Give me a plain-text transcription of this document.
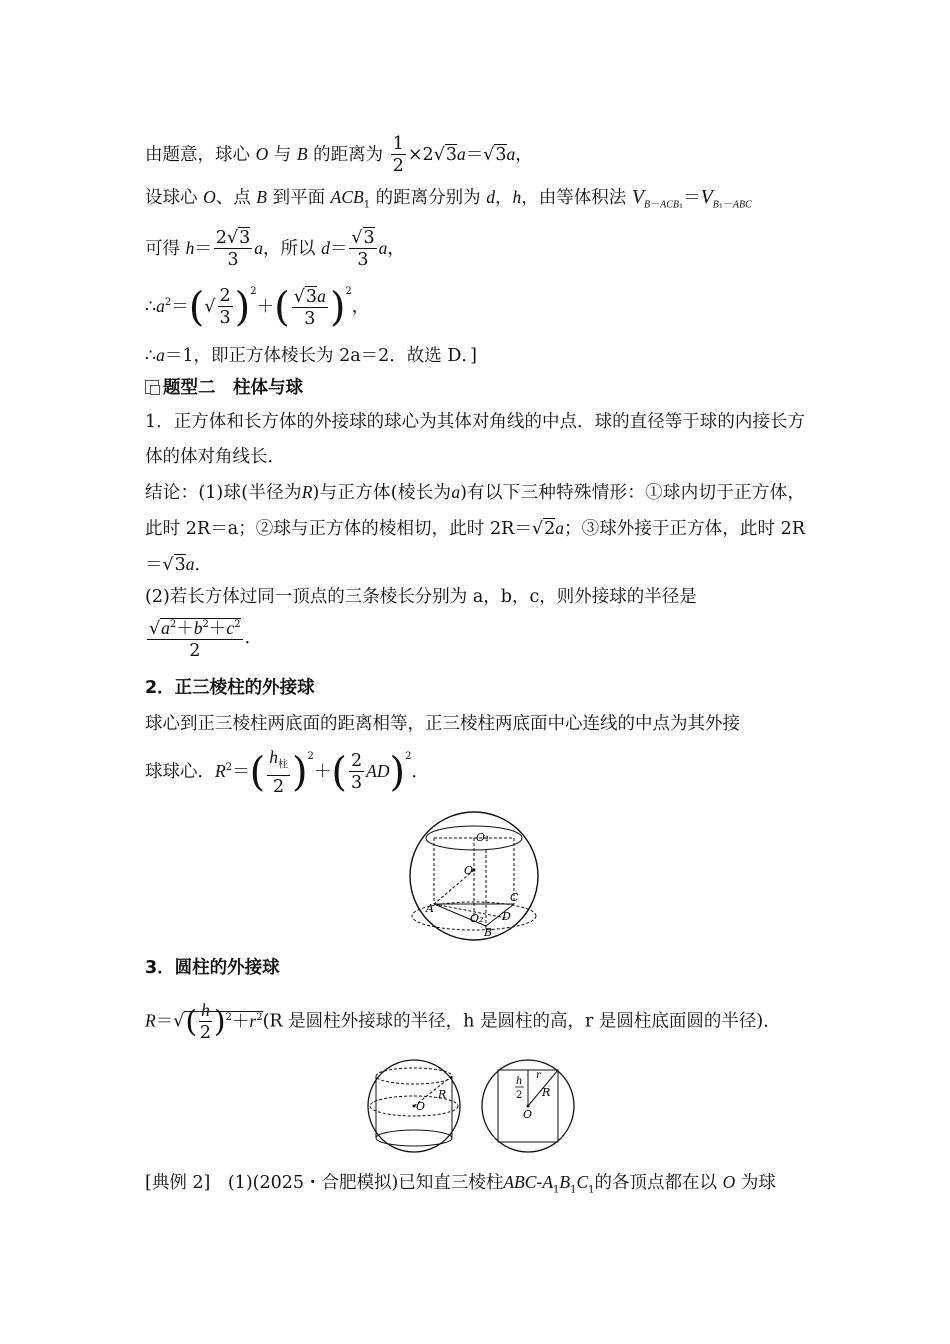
由题意，球心 O 与 B 的距离为 $\frac{1}{2} \times 2√3a=√3a$，
设球心 O、点 B 到平面 $ACB_1$ 的距离分别为 d，h，由等体积法 $V_{B-ACB_1}=V_{B_1-ABC}$
可得 $h= \frac{2√3}{3}$ a，所以 $d= \frac{√3}{3}$ a，
$\therefore a^2=(√ \frac{2}{3} )^2+( \frac{√3a}{3} )^2$，
∴a＝1，即正方体棱长为 2a＝2．故选 D．]
题型二　柱体与球
1．正方体和长方体的外接球的球心为其体对角线的中点．球的直径等于球的内接长方体的体对角线长．
结论：(1)球(半径为R)与正方体(棱长为a)有以下三种特殊情形：①球内切于正方体，此时 2R＝a；②球与正方体的棱相切，此时 2R＝√2a；③球外接于正方体，此时 2R＝√3a．
(2)若长方体过同一顶点的三条棱长分别为 a，b，c，则外接球的半径是
$\frac{√a^2+b^2+c^2}{2}$ ．
2．正三棱柱的外接球
球心到正三棱柱两底面的距离相等，正三棱柱两底面中心连线的中点为其外接
球球心．$R^2=( \frac{h_柱}{2} )^2+( \frac{2}{3} AD)^2$．
O₁
O
A
C
O₂ D
B
3．圆柱的外接球
$R=√( \frac{h}{2} )^2+r^2(R$ 是圆柱外接球的半径，h 是圆柱的高，r 是圆柱底面圆的半径)．
O
R
r
h
2 R
O
[典例 2]　 (1)(2025・合肥模拟)已知直三棱柱ABC-$A_1B_1C_1$的各顶点都在以 O 为球
